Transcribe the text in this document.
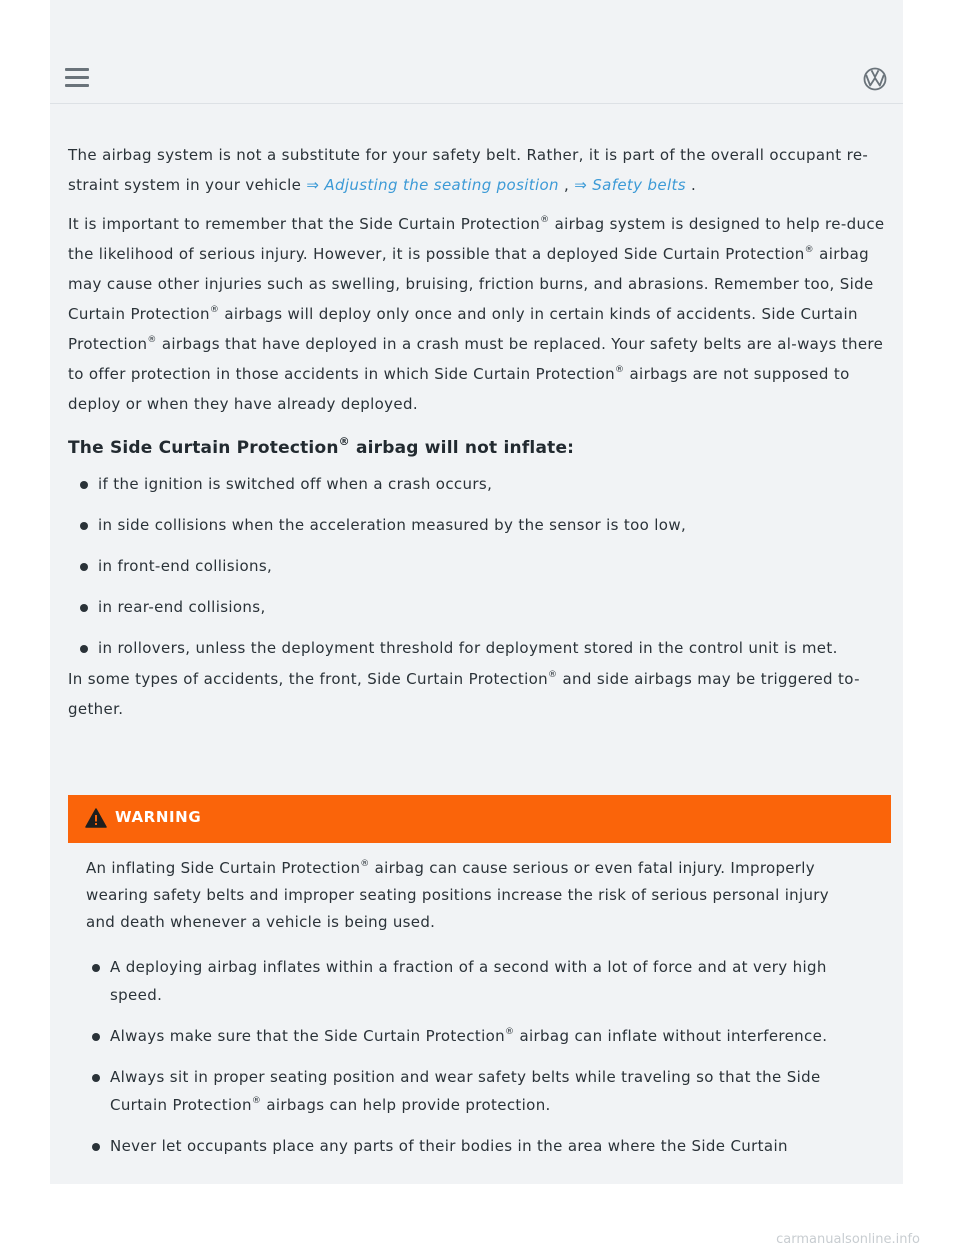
The airbag system is not a substitute for your safety belt. Rather, it is part of the overall occupant re-straint system in your vehicle ⇒ Adjusting the seating position , ⇒ Safety belts .

It is important to remember that the Side Curtain Protection® airbag system is designed to help re-duce the likelihood of serious injury. However, it is possible that a deployed Side Curtain Protection® airbag may cause other injuries such as swelling, bruising, friction burns, and abrasions. Remember too, Side Curtain Protection® airbags will deploy only once and only in certain kinds of accidents. Side Curtain Protection® airbags that have deployed in a crash must be replaced. Your safety belts are al-ways there to offer protection in those accidents in which Side Curtain Protection® airbags are not supposed to deploy or when they have already deployed.

The Side Curtain Protection® airbag will not inflate:
if the ignition is switched off when a crash occurs,
in side collisions when the acceleration measured by the sensor is too low,
in front-end collisions,
in rear-end collisions,
in rollovers, unless the deployment threshold for deployment stored in the control unit is met.

In some types of accidents, the front, Side Curtain Protection® and side airbags may be triggered to-gether.

WARNING

An inflating Side Curtain Protection® airbag can cause serious or even fatal injury. Improperly wearing safety belts and improper seating positions increase the risk of serious personal injury and death whenever a vehicle is being used.

A deploying airbag inflates within a fraction of a second with a lot of force and at very high speed.
Always make sure that the Side Curtain Protection® airbag can inflate without interference.
Always sit in proper seating position and wear safety belts while traveling so that the Side Curtain Protection® airbags can help provide protection.
Never let occupants place any parts of their bodies in the area where the Side Curtain
carmanualsonline.info
